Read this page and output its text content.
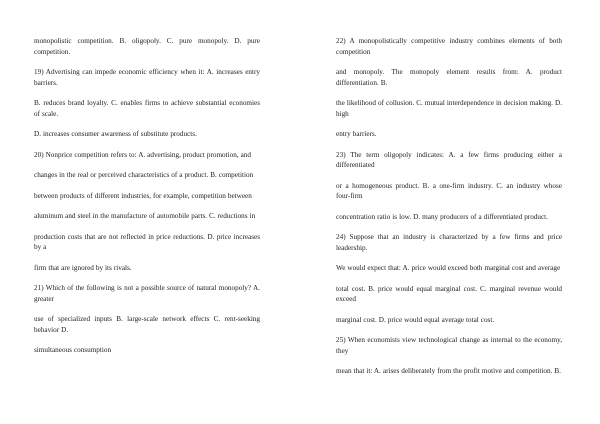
monopolistic competition. B. oligopoly. C. pure monopoly. D. pure competition.

19) Advertising can impede economic efficiency when it: A. increases entry barriers.

B. reduces brand loyalty. C. enables firms to achieve substantial economies of scale.

D. increases consumer awareness of substitute products.

20) Nonprice competition refers to: A. advertising, product promotion, and

changes in the real or perceived characteristics of a product. B. competition

between products of different industries, for example, competition between

aluminum and steel in the manufacture of automobile parts. C. reductions in

production costs that are not reflected in price reductions. D. price increases by a

firm that are ignored by its rivals.

21) Which of the following is not a possible source of natural monopoly? A. greater

use of specialized inputs B. large-scale network effects C. rent-seeking behavior D.

simultaneous consumption

22) A monopolistically competitive industry combines elements of both competition

and monopoly. The monopoly element results from: A. product differentiation. B.

the likelihood of collusion. C. mutual interdependence in decision making. D. high

entry barriers.

23) The term oligopoly indicates: A. a few firms producing either a differentiated

or a homogeneous product. B. a one-firm industry. C. an industry whose four-firm

concentration ratio is low. D. many producers of a differentiated product.

24) Suppose that an industry is characterized by a few firms and price leadership.

We would expect that: A. price would exceed both marginal cost and average

total cost. B. price would equal marginal cost. C. marginal revenue would exceed

marginal cost. D. price would equal average total cost.

25) When economists view technological change as internal to the economy, they

mean that it: A. arises deliberately from the profit motive and competition. B.
